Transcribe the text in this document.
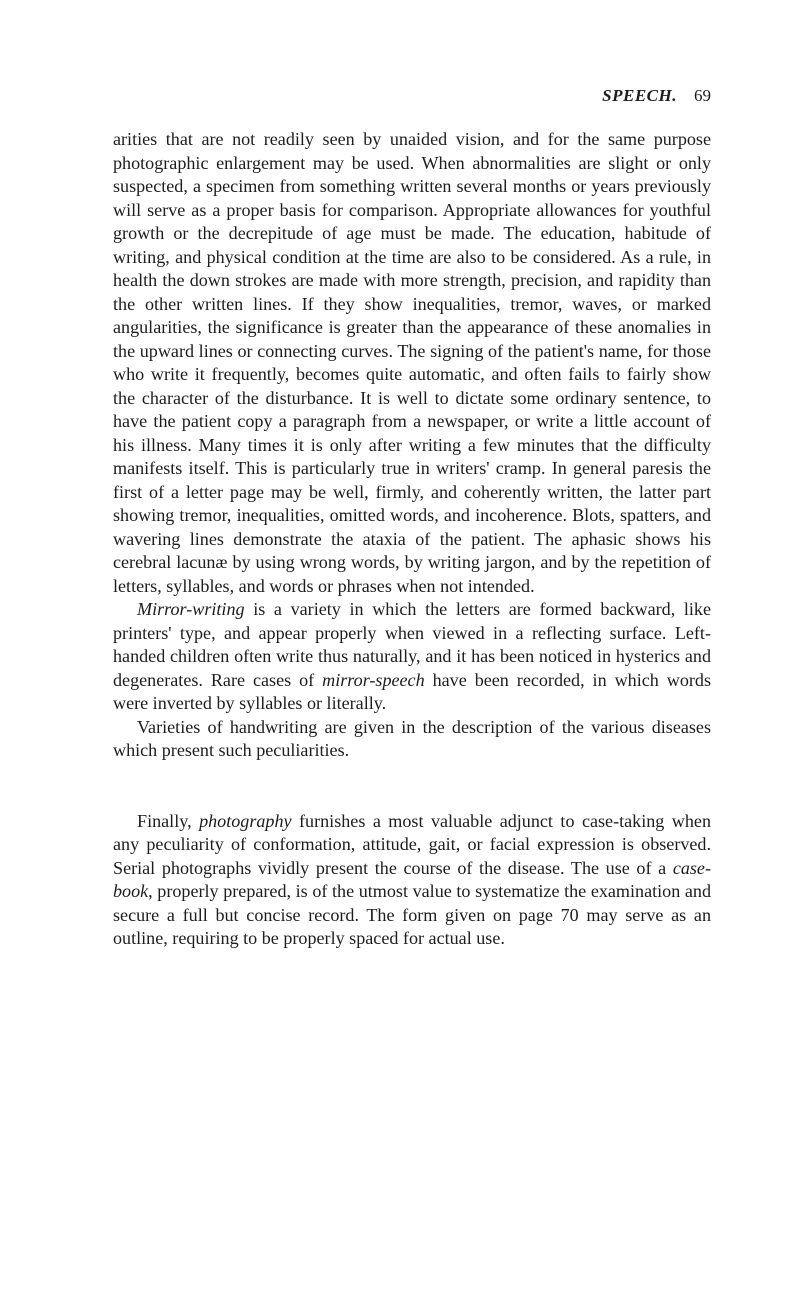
SPEECH. 69

arities that are not readily seen by unaided vision, and for the same purpose photographic enlargement may be used. When abnormalities are slight or only suspected, a specimen from something written several months or years previously will serve as a proper basis for comparison. Appropriate allowances for youthful growth or the decrepitude of age must be made. The education, habitude of writing, and physical condition at the time are also to be considered. As a rule, in health the down strokes are made with more strength, precision, and rapidity than the other written lines. If they show inequalities, tremor, waves, or marked angularities, the significance is greater than the appearance of these anomalies in the upward lines or connecting curves. The signing of the patient's name, for those who write it frequently, becomes quite automatic, and often fails to fairly show the character of the disturbance. It is well to dictate some ordinary sentence, to have the patient copy a paragraph from a newspaper, or write a little account of his illness. Many times it is only after writing a few minutes that the difficulty manifests itself. This is particularly true in writers' cramp. In general paresis the first of a letter page may be well, firmly, and coherently written, the latter part showing tremor, inequalities, omitted words, and incoherence. Blots, spatters, and wavering lines demonstrate the ataxia of the patient. The aphasic shows his cerebral lacunæ by using wrong words, by writing jargon, and by the repetition of letters, syllables, and words or phrases when not intended.

Mirror-writing is a variety in which the letters are formed backward, like printers' type, and appear properly when viewed in a reflecting surface. Left-handed children often write thus naturally, and it has been noticed in hysterics and degenerates. Rare cases of mirror-speech have been recorded, in which words were inverted by syllables or literally.

Varieties of handwriting are given in the description of the various diseases which present such peculiarities.

Finally, photography furnishes a most valuable adjunct to case-taking when any peculiarity of conformation, attitude, gait, or facial expression is observed. Serial photographs vividly present the course of the disease. The use of a case-book, properly prepared, is of the utmost value to systematize the examination and secure a full but concise record. The form given on page 70 may serve as an outline, requiring to be properly spaced for actual use.
